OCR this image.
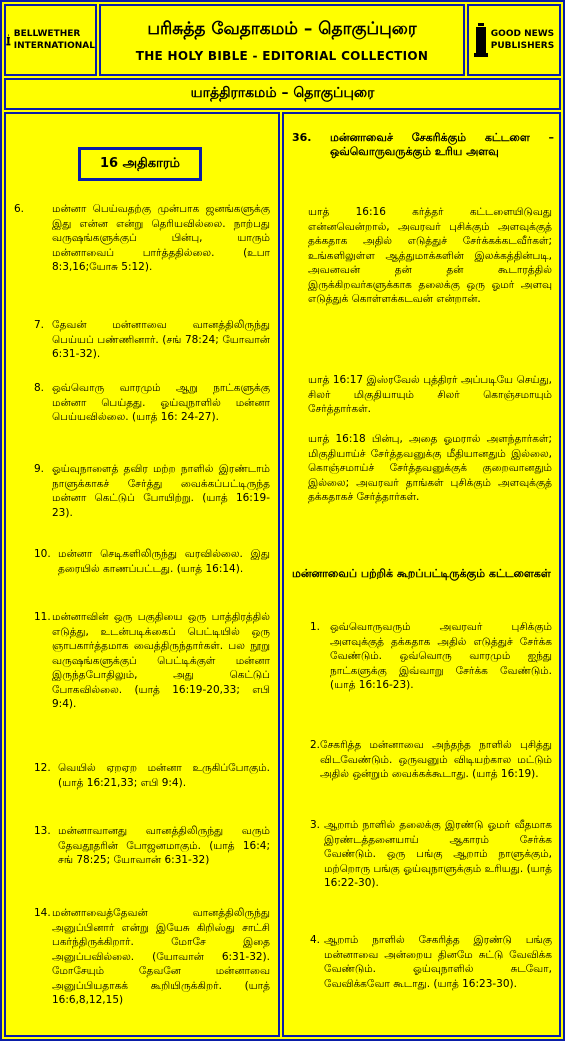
BELLWETHER
INTERNATIONAL
பரிசுத்த வேதாகமம் – தொகுப்புரை
THE HOLY BIBLE - EDITORIAL COLLECTION
GOOD NEWS
PUBLISHERS
யாத்திராகமம் – தொகுப்புரை
16 அதிகாரம்
6.	மன்னா பெய்வதற்கு முன்பாக ஜனங்களுக்கு இது என்ன என்று தெரியவில்லை. நாற்பது வருஷங்களுக்குப் பின்பு, யாரும் மன்னாவைப் பார்த்ததில்லை. (உபா 8:3,16;யோசு 5:12).
7. தேவன் மன்னாவை வானத்திலிருந்து பெய்யப் பண்ணினார். (சங் 78:24; யோவான் 6:31-32).
8. ஒவ்வொரு வாரமும் ஆறு நாட்களுக்கு மன்னா பெய்தது. ஓய்வுநாளில் மன்னா பெய்யவில்லை. (யாத் 16: 24-27).
9. ஓய்வுநாளைத் தவிர மற்ற நாளில் இரண்டாம் நாளுக்காகச் சேர்த்து வைக்கப்பட்டிருந்த மன்னா கெட்டுப் போயிற்று. (யாத் 16:19-23).
10. மன்னா செடிகளிலிருந்து வரவில்லை. இது தரையில் காணப்பட்டது. (யாத் 16:14).
11. மன்னாவின் ஒரு பகுதியை ஒரு பாத்திரத்தில் எடுத்து, உடன்படிக்கைப் பெட்டியில் ஒரு ஞாபகார்த்தமாக வைத்திருந்தார்கள். பல நூறு வருஷங்களுக்குப் பெட்டிக்குள் மன்னா இருந்தபோதிலும், அது கெட்டுப் போகவில்லை. (யாத் 16:19-20,33; எபி 9:4).
12. வெயில் ஏறஏற மன்னா உருகிப்போகும். (யாத் 16:21,33; எபி 9:4).
13. மன்னாவானது வானத்திலிருந்து வரும் தேவதூதரின் போஜனமாகும். (யாத் 16:4; சங் 78:25; யோவான் 6:31-32)
14. மன்னாவைத்தேவன் வானத்திலிருந்து அனுப்பினார் என்று இயேசு கிறிஸ்து சாட்சி பகர்ந்திருக்கிறார். மோசே இதை அனுப்பவில்லை. (யோவான் 6:31-32). மோசேயும் தேவனே மன்னாவை அனுப்பியதாகக் கூறியிருக்கிறர். (யாத் 16:6,8,12,15)
36. மன்னாவைச் சேகரிக்கும் கட்டளை – ஒவ்வொருவருக்கும் உரிய அளவு
யாத் 16:16 கர்த்தர் கட்டளையிடுவது என்னவென்றால், அவரவர் புசிக்கும் அளவுக்குத் தக்கதாக அதில் எடுத்துச் சேர்க்கக்கடவீர்கள்; உங்களிலுள்ள ஆத்துமாக்களின் இலக்கத்தின்படி, அவனவன் தன் தன் கூடாரத்தில் இருக்கிறவர்களுக்காக தலைக்கு ஒரு ஓமர் அளவு எடுத்துக் கொள்ளக்கடவன் என்றான்.
யாத் 16:17 இஸ்ரவேல் புத்திரர் அப்படியே செய்து, சிலர் மிகுதியாயும் சிலர் கொஞ்சமாயும் சேர்த்தார்கள்.
யாத் 16:18 பின்பு, அதை ஓமரால் அளந்தார்கள்; மிகுதியாய்ச் சேர்த்தவனுக்கு மீதியானதும் இல்லை, கொஞ்சமாய்ச் சேர்த்தவனுக்குக் குறைவானதும் இல்லை; அவரவர் தாங்கள் புசிக்கும் அளவுக்குத் தக்கதாகச் சேர்த்தார்கள்.
மன்னாவைப் பற்றிக் கூறப்பட்டிருக்கும் கட்டளைகள்
1. ஒவ்வொருவரும் அவரவர் புசிக்கும் அளவுக்குத் தக்கதாக அதில் எடுத்துச் சேர்க்க வேண்டும். ஒவ்வொரு வாரமும் ஐந்து நாட்களுக்கு இவ்வாறு சேர்க்க வேண்டும். (யாத் 16:16-23).
2. சேகரித்த மன்னாவை அந்தந்த நாளில் புசித்து விடவேண்டும். ஒருவனும் விடியற்கால மட்டும் அதில் ஒன்றும் வைக்கக்கூடாது. (யாத் 16:19).
3. ஆறாம் நாளில் தலைக்கு இரண்டு ஓமர் வீதமாக இரண்டத்தனையாய் ஆகாரம் சேர்க்க வேண்டும். ஒரு பங்கு ஆறாம் நாளுக்கும், மற்றொரு பங்கு ஓய்வுநாளுக்கும் உரியது. (யாத் 16:22-30).
4. ஆறாம் நாளில் சேகரித்த இரண்டு பங்கு மன்னாவை அன்றைய தினமே சுட்டு வேவிக்க வேண்டும். ஓய்வுநாளில் சுடவோ, வேவிக்கவோ கூடாது. (யாத் 16:23-30).
